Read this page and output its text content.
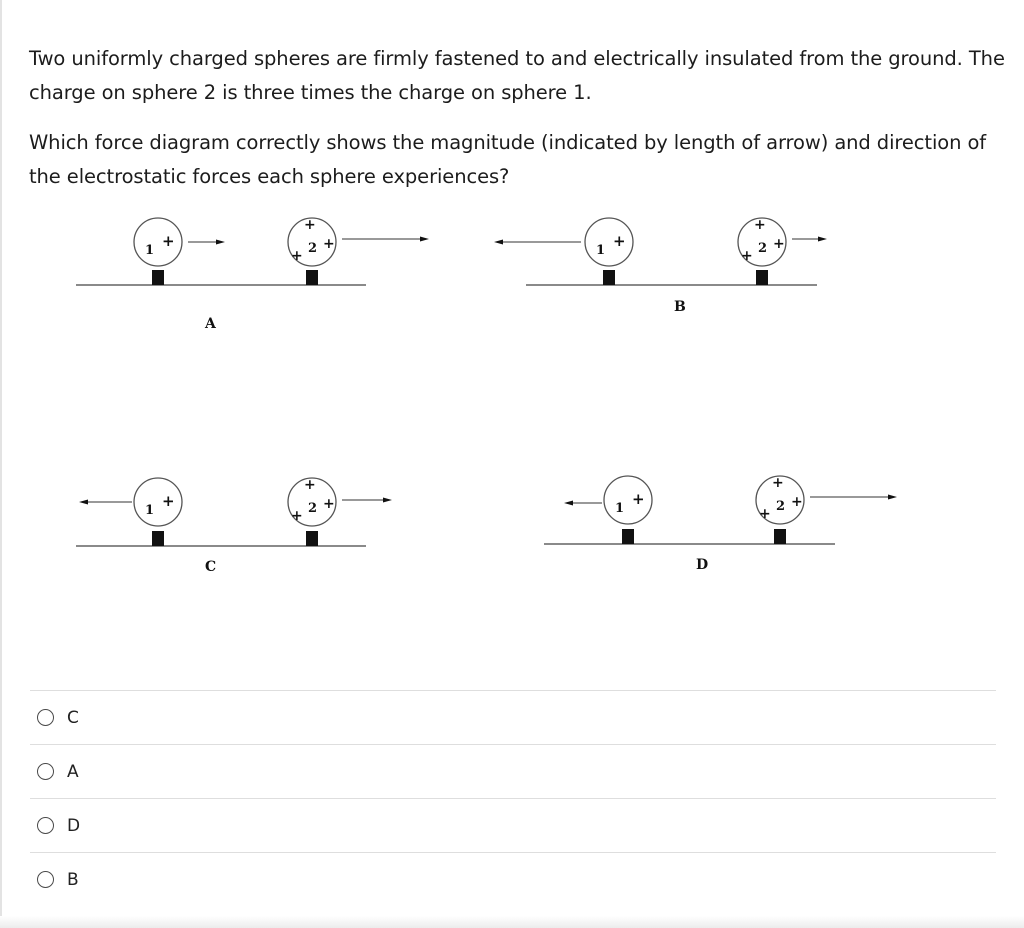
Two uniformly charged spheres are firmly fastened to and electrically insulated from the ground. The charge on sphere 2 is three times the charge on sphere 1.

Which force diagram correctly shows the magnitude (indicated by length of arrow) and direction of the electrostatic forces each sphere experiences?

1
+
+
2
+
+
A
1
+
+
2
+
+
B
1
+
+
2
+
+
C
1
+
+
2
+
+
D
C
A
D
B
